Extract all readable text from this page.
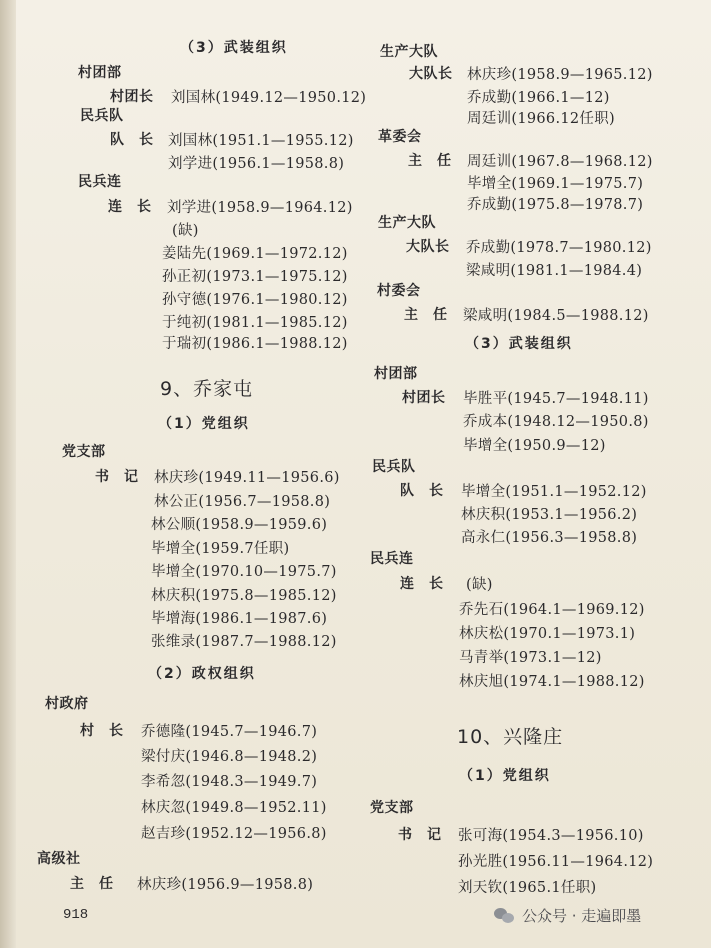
（3）武装组织
村团部
村团长 刘国林(1949.12—1950.12)
民兵队
队　长 刘国林(1951.1—1955.12)
刘学进(1956.1—1958.8)
民兵连
连　长 刘学进(1958.9—1964.12)
(缺)
姜陆先(1969.1—1972.12)
孙正初(1973.1—1975.12)
孙守德(1976.1—1980.12)
于纯初(1981.1—1985.12)
于瑞初(1986.1—1988.12)
9、乔家屯
（1）党组织
党支部
书　记 林庆珍(1949.11—1956.6)
林公正(1956.7—1958.8)
林公顺(1958.9—1959.6)
毕增全(1959.7任职)
毕增全(1970.10—1975.7)
林庆积(1975.8—1985.12)
毕增海(1986.1—1987.6)
张维录(1987.7—1988.12)
（2）政权组织
村政府
村　长 乔德隆(1945.7—1946.7)
梁付庆(1946.8—1948.2)
李希忽(1948.3—1949.7)
林庆忽(1949.8—1952.11)
赵吉珍(1952.12—1956.8)
高级社
主　任 林庆珍(1956.9—1958.8)
918
生产大队
大队长 林庆珍(1958.9—1965.12)
乔成勤(1966.1—12)
周廷训(1966.12任职)
革委会
主　任 周廷训(1967.8—1968.12)
毕增全(1969.1—1975.7)
乔成勤(1975.8—1978.7)
生产大队
大队长 乔成勤(1978.7—1980.12)
梁咸明(1981.1—1984.4)
村委会
主　任 梁咸明(1984.5—1988.12)
（3）武装组织
村团部
村团长 毕胜平(1945.7—1948.11)
乔成本(1948.12—1950.8)
毕增全(1950.9—12)
民兵队
队　长 毕增全(1951.1—1952.12)
林庆积(1953.1—1956.2)
高永仁(1956.3—1958.8)
民兵连
连　长 (缺)
乔先石(1964.1—1969.12)
林庆松(1970.1—1973.1)
马青举(1973.1—12)
林庆旭(1974.1—1988.12)
10、兴隆庄
（1）党组织
党支部
书　记 张可海(1954.3—1956.10)
孙光胜(1956.11—1964.12)
刘天钦(1965.1任职)
公众号 · 走遍即墨
